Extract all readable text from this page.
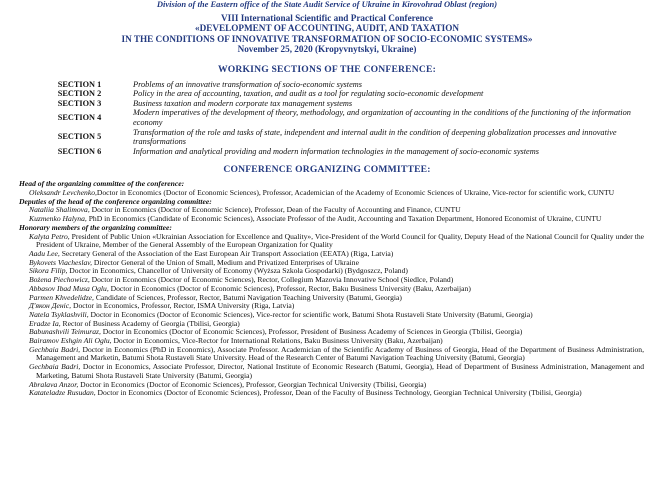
Division of the Eastern office of the State Audit Service of Ukraine in Kirovohrad Oblast (region)
VIII International Scientific and Practical Conference
«DEVELOPMENT OF ACCOUNTING, AUDIT, AND TAXATION
IN THE CONDITIONS OF INNOVATIVE TRANSFORMATION OF SOCIO-ECONOMIC SYSTEMS»
November 25, 2020 (Kropyvnytskyi, Ukraine)
WORKING SECTIONS OF THE CONFERENCE:
SECTION 1	Problems of an innovative transformation of socio-economic systems
SECTION 2	Policy in the area of accounting, taxation, and audit as a tool for regulating socio-economic development
SECTION 3	Business taxation and modern corporate tax management systems
SECTION 4	Modern imperatives of the development of theory, methodology, and organization of accounting in the conditions of the functioning of the information economy
SECTION 5	Transformation of the role and tasks of state, independent and internal audit in the condition of deepening globalization processes and innovative transformations
SECTION 6	Information and analytical providing and modern information technologies in the management of socio-economic systems
CONFERENCE ORGANIZING COMMITTEE:
Head of the organizing committee of the conference:
Oleksandr Levchenko,Doctor in Economics (Doctor of Economic Sciences), Professor, Academician of the Academy of Economic Sciences of Ukraine, Vice-rector for scientific work, CUNTU
Deputies of the head of the conference organizing committee:
Nataliia Shalimova, Doctor in Economics (Doctor of Economic Science), Professor, Dean of the Faculty of Accounting and Finance, CUNTU
Kuzmenko Halyna, PhD in Economics (Candidate of Economic Sciences), Associate Professor of the Audit, Accounting and Taxation Department, Honored Economist of Ukraine, CUNTU
Honorary members of the organizing committee:
Kalyta Petro, President of Public Union «Ukrainian Association for Excellence and Quality», Vice-President of the World Council for Quality, Deputy Head of the National Council for Quality under the President of Ukraine, Member of the General Assembly of the European Organization for Quality
Aadu Lee, Secretary General of the Association of the East European Air Transport Association (EEATA) (Riga, Latvia)
Bykovets Viacheslav, Director General of the Union of Small, Medium and Privatized Enterprises of Ukraine
Sikora Filip, Doctor in Economics, Chancellor of University of Economy (Wyższa Szkoła Gospodarki) (Bydgoszcz, Poland)
Bożena Piechowicz, Doctor in Economics (Doctor of Economic Sciences), Rector, Collegium Mazovia Innovative School (Siedlce, Poland)
Abbasov Ibad Musa Oglu, Doctor in Economics (Doctor of Economic Sciences), Professor, Rector, Baku Business University (Baku, Azerbaijan)
Parmen Khvedelidze, Candidate of Sciences, Professor, Rector, Batumi Navigation Teaching University (Batumi, Georgia)
Д'якон Деніс, Doctor in Economics, Professor, Rector, ISMA University (Riga, Latvia)
Natela Tsyklashvili, Doctor in Economics (Doctor of Economic Sciences), Vice-rector for scientific work, Batumi Shota Rustaveli State University (Batumi, Georgia)
Eradze Ia, Rector of Business Academy of Georgia (Tbilisi, Georgia)
Babunashvili Teimuraz, Doctor in Economics (Doctor of Economic Sciences), Professor, President of Business Academy of Sciences in Georgia (Tbilisi, Georgia)
Bairamov Eshgin Ali Oglu, Doctor in Economics, Vice-Rector for International Relations, Baku Business University (Baku, Azerbaijan)
Gechbaia Badri, Doctor in Economics (PhD in Economics), Associate Professor. Academician of the Scientific Academy of Business of Georgia, Head of the Department of Business Administration, Management and Marketin, Batumi Shota Rustaveli State University. Head of the Research Center of Batumi Navigation Teaching University (Batumi, Georgia)
Gechbaia Badri, Doctor in Economics, Associate Professor, Director, National Institute of Economic Research (Batumi, Georgia), Head of Department of Business Administration, Management and Marketing, Batumi Shota Rustaveli State University (Batumi, Georgia)
Abralava Anzor, Doctor in Economics (Doctor of Economic Sciences), Professor, Georgian Technical University (Tbilisi, Georgia)
Katateladze Rusudan, Doctor in Economics (Doctor of Economic Sciences), Professor, Dean of the Faculty of Business Technology, Georgian Technical University (Tbilisi, Georgia)
